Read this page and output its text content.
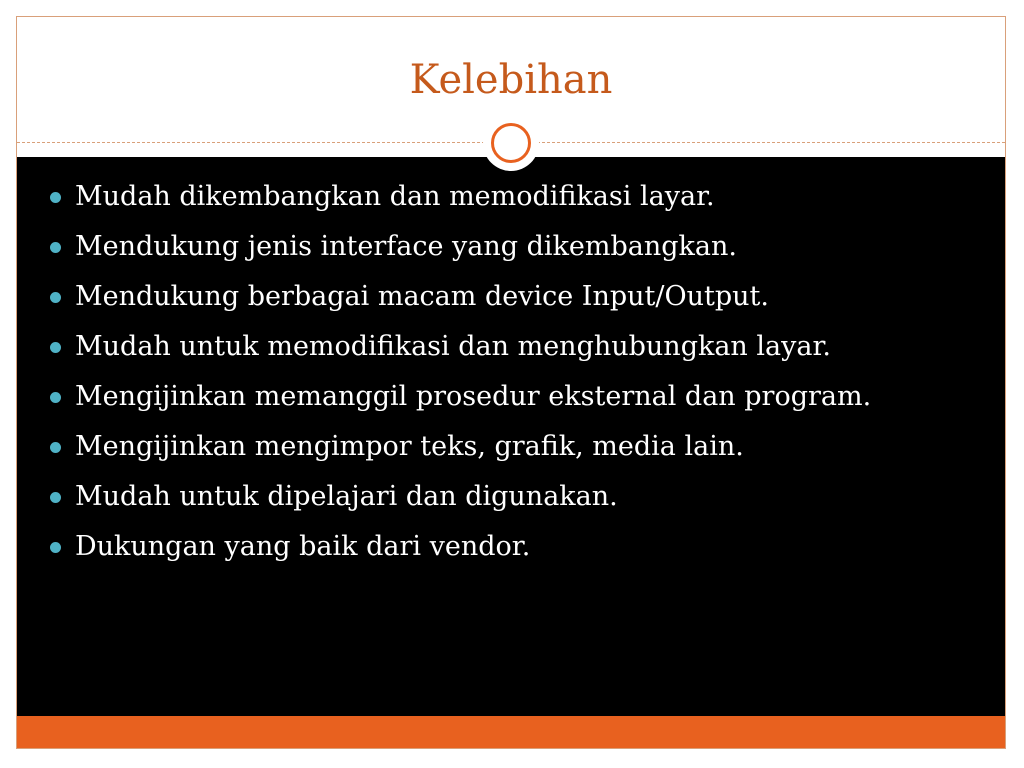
Kelebihan
Mudah dikembangkan dan memodifikasi layar.
Mendukung jenis interface yang dikembangkan.
Mendukung berbagai macam device Input/Output.
Mudah untuk memodifikasi dan menghubungkan layar.
Mengijinkan memanggil prosedur eksternal dan program.
Mengijinkan mengimpor teks, grafik, media lain.
Mudah untuk dipelajari dan digunakan.
Dukungan yang baik dari vendor.
